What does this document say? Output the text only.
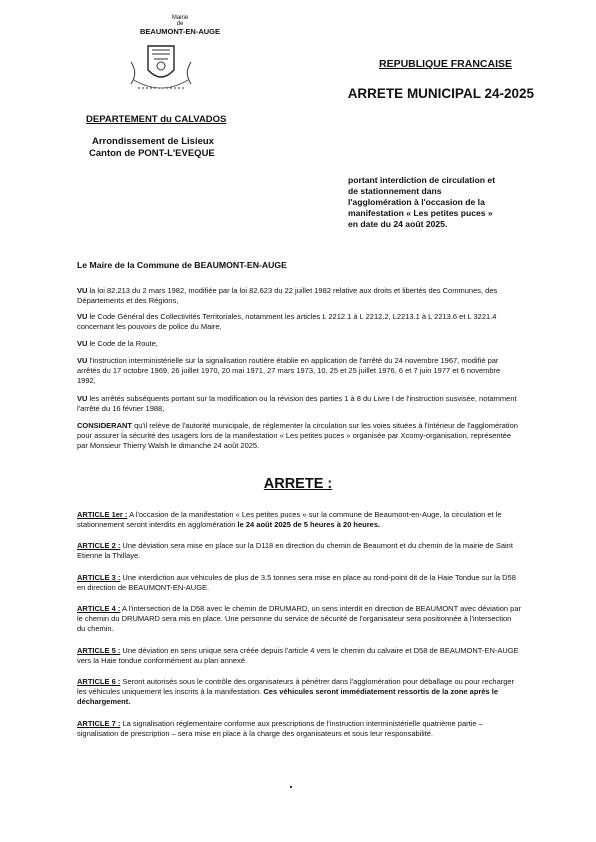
Mairie
de
BEAUMONT-EN-AUGE
REPUBLIQUE FRANCAISE
ARRETE MUNICIPAL 24-2025
DEPARTEMENT du CALVADOS
Arrondissement de Lisieux
Canton de PONT-L'EVEQUE
portant interdiction de circulation et
de stationnement dans
l'agglomération à l'occasion de la
manifestation « Les petites puces »
en date du 24 août 2025.
Le Maire de la Commune de BEAUMONT-EN-AUGE
VU la loi 82.213 du 2 mars 1982, modifiée par la loi 82.623 du 22 juillet 1982 relative aux droits et libertés des Communes, des Départements et des Régions,
VU le Code Général des Collectivités Territoriales, notamment les articles L 2212.1 à L 2212.2, L2213.1 à L 2213.6 et L 3221.4 concernant les pouvoirs de police du Maire,
VU le Code de la Route,
VU l'instruction interministérielle sur la signalisation routière établie en application de l'arrêté du 24 novembre 1967, modifié par arrêtés du 17 octobre 1969, 26 juillet 1970, 20 mai 1971, 27 mars 1973, 10, 25 et 25 juillet 1976, 6 et 7 juin 1977 et 6 novembre 1992,
VU les arrêtés subséquents portant sur la modification ou la révision des parties 1 à 8 du Livre I de l'instruction susvisée, notamment l'arrêté du 16 février 1988,
CONSIDERANT qu'il relève de l'autorité municipale, de réglementer la circulation sur les voies situées à l'intérieur de l'agglomération pour assurer la sécurité des usagers lors de la manifestation « Les petites puces » organisée par Xcomy-organisation, représentée par Monsieur Thierry Walsh le dimanche 24 août 2025.
ARRETE :
ARTICLE 1er : A l'occasion de la manifestation « Les petites puces » sur la commune de Beaumont-en-Auge, la circulation et le stationnement seront interdits en agglomération le 24 août 2025 de 5 heures à 20 heures.
ARTICLE 2 : Une déviation sera mise en place sur la D118 en direction du chemin de Beaumont et du chemin de la mairie de Saint Etienne la Thillaye.
ARTICLE 3 : Une interdiction aux véhicules de plus de 3.5 tonnes sera mise en place au rond-point dit de la Haie Tondue sur la D58 en direction de BEAUMONT-EN-AUGE.
ARTICLE 4 : A l'intersection de la D58 avec le chemin de DRUMARD, un sens interdit en direction de BEAUMONT avec déviation par le chemin du DRUMARD sera mis en place. Une personne du service de sécurité de l'organisateur sera positionnée à l'intersection du chemin.
ARTICLE 5 : Une déviation en sens unique sera créée depuis l'article 4 vers le chemin du calvaire et D58 de BEAUMONT-EN-AUGE vers la Haie tondue conformément au plan annexé.
ARTICLE 6 : Seront autorisés sous le contrôle des organisateurs à pénétrer dans l'agglomération pour déballage ou pour recharger les véhicules uniquement les inscrits à la manifestation. Ces véhicules seront immédiatement ressortis de la zone après le déchargement.
ARTICLE 7 : La signalisation réglementaire conforme aux prescriptions de l'instruction interministérielle quatrième partie – signalisation de prescription – sera mise en place à la charge des organisateurs et sous leur responsabilité.
